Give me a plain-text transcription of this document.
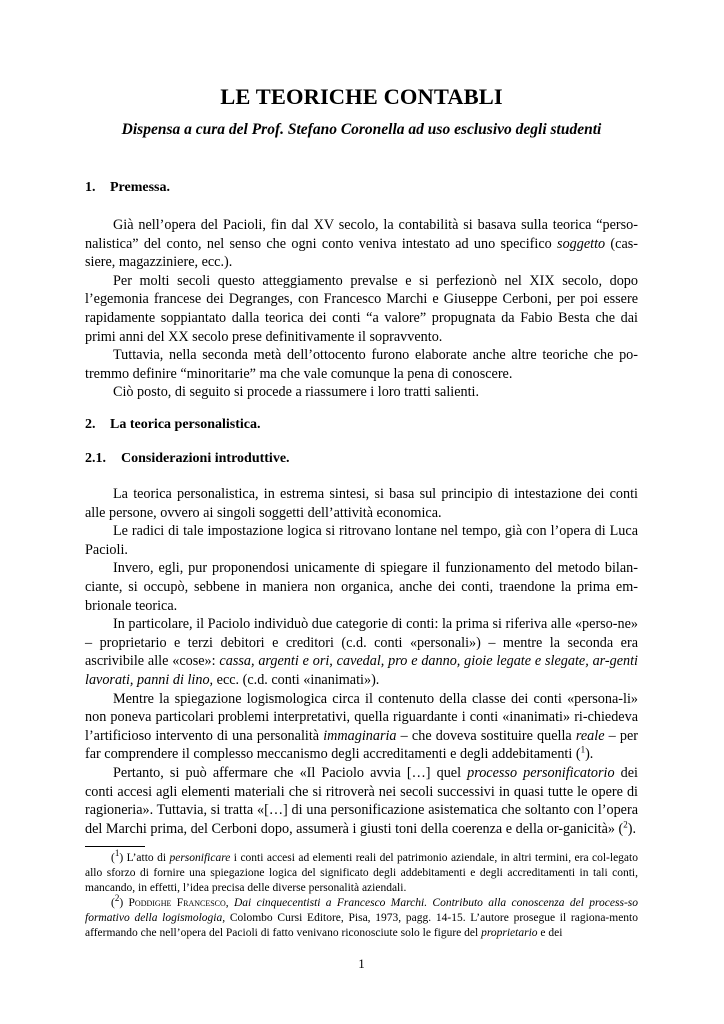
LE TEORICHE CONTABLI
Dispensa a cura del Prof. Stefano Coronella ad uso esclusivo degli studenti
1. Premessa.

Già nell’opera del Pacioli, fin dal XV secolo, la contabilità si basava sulla teorica “perso-nalistica” del conto, nel senso che ogni conto veniva intestato ad uno specifico soggetto (cas-siere, magazziniere, ecc.).

Per molti secoli questo atteggiamento prevalse e si perfezionò nel XIX secolo, dopo l’egemonia francese dei Degranges, con Francesco Marchi e Giuseppe Cerboni, per poi essere rapidamente soppiantato dalla teorica dei conti “a valore” propugnata da Fabio Besta che dai primi anni del XX secolo prese definitivamente il sopravvento.

Tuttavia, nella seconda metà dell’ottocento furono elaborate anche altre teoriche che po-tremmo definire “minoritarie” ma che vale comunque la pena di conoscere.

Ciò posto, di seguito si procede a riassumere i loro tratti salienti.

2. La teorica personalistica.
2.1. Considerazioni introduttive.

La teorica personalistica, in estrema sintesi, si basa sul principio di intestazione dei conti alle persone, ovvero ai singoli soggetti dell’attività economica.

Le radici di tale impostazione logica si ritrovano lontane nel tempo, già con l’opera di Luca Pacioli.

Invero, egli, pur proponendosi unicamente di spiegare il funzionamento del metodo bilan-ciante, si occupò, sebbene in maniera non organica, anche dei conti, traendone la prima em-brionale teorica.

In particolare, il Paciolo individuò due categorie di conti: la prima si riferiva alle «perso-ne» – proprietario e terzi debitori e creditori (c.d. conti «personali») – mentre la seconda era ascrivibile alle «cose»: cassa, argenti e ori, cavedal, pro e danno, gioie legate e slegate, ar-genti lavorati, panni di lino, ecc. (c.d. conti «inanimati»).

Mentre la spiegazione logismologica circa il contenuto della classe dei conti «persona-li» non poneva particolari problemi interpretativi, quella riguardante i conti «inanimati» ri-chiedeva l’artificioso intervento di una personalità immaginaria – che doveva sostituire quella reale – per far comprendere il complesso meccanismo degli accreditamenti e degli addebitamenti ($^1$).

Pertanto, si può affermare che «Il Paciolo avvia […] quel processo personificatorio dei conti accesi agli elementi materiali che si ritroverà nei secoli successivi in quasi tutte le opere di ragioneria». Tuttavia, si tratta «[…] di una personificazione asistematica che soltanto con l’opera del Marchi prima, del Cerboni dopo, assumerà i giusti toni della coerenza e della or-ganicità» ($^2$).

($^1$) L’atto di personificare i conti accesi ad elementi reali del patrimonio aziendale, in altri termini, era col-legato allo sforzo di fornire una spiegazione logica del significato degli addebitamenti e degli accreditamenti in tali conti, mancando, in effetti, l’idea precisa delle diverse personalità aziendali.

($^2$) Poddighe Francesco, Dai cinquecentisti a Francesco Marchi. Contributo alla conoscenza del process-so formativo della logismologia, Colombo Cursi Editore, Pisa, 1973, pagg. 14-15. L’autore prosegue il ragiona-mento affermando che nell’opera del Pacioli di fatto venivano riconosciute solo le figure del proprietario e dei

1
